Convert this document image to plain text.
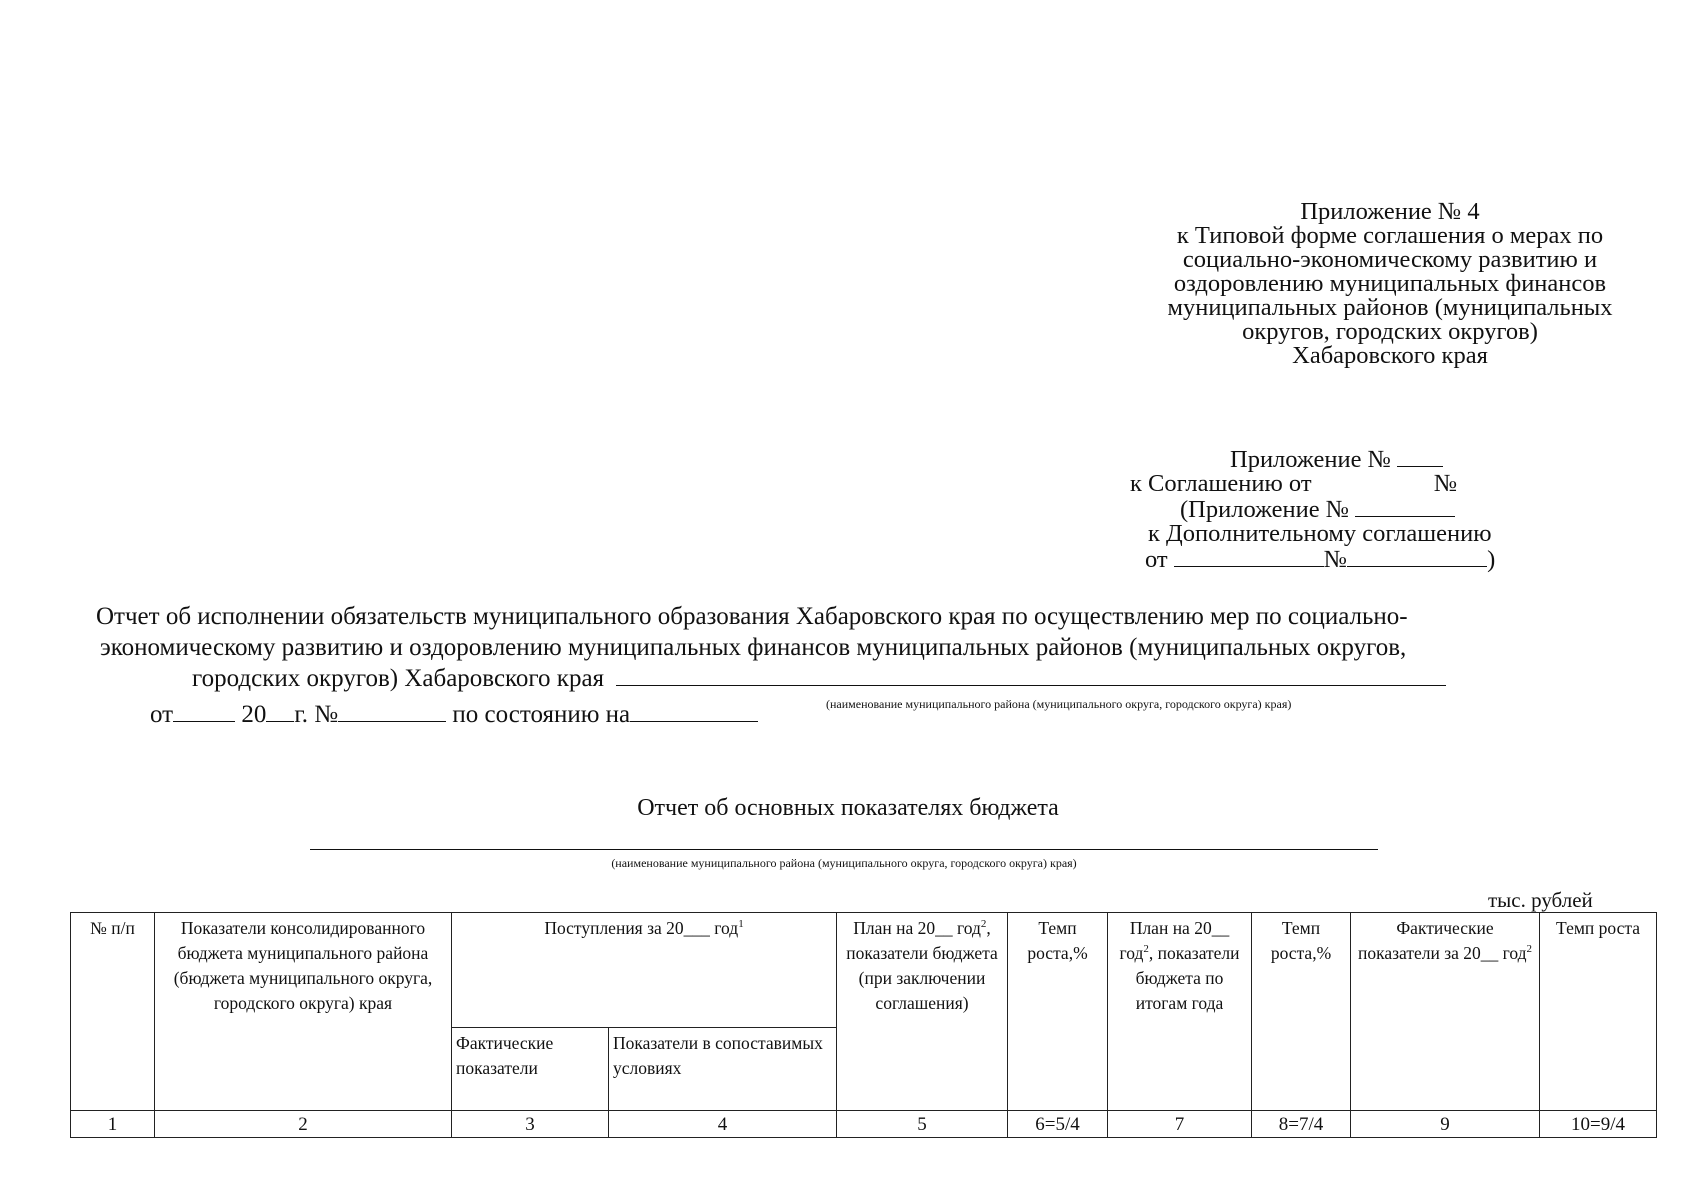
Приложение № 4
к Типовой форме соглашения о мерах по
социально-экономическому развитию и
оздоровлению муниципальных финансов
муниципальных районов (муниципальных
округов, городских округов)
Хабаровского края
Приложение №
к Соглашению от	№
(Приложение №
к Дополнительному соглашению
от	№	)
Отчет об исполнении обязательств муниципального образования Хабаровского края по осуществлению мер по социально-
экономическому развитию и оздоровлению муниципальных финансов муниципальных районов (муниципальных округов,
городских округов) Хабаровского края
от	20 г. №	по состоянию на	(наименование муниципального района (муниципального округа, городского округа) края)
Отчет об основных показателях бюджета
(наименование муниципального района (муниципального округа, городского округа) края)
тыс. рублей
№ п/п	Показатели консолидированного бюджета муниципального района (бюджета муниципального округа, городского округа) края	Поступления за 20___ год$^1$		План на 20__ год$^2$, показатели бюджета (при заключении соглашения)	Темп роста,%	План на 20__ год$^2$, показатели бюджета по итогам года	Темп роста,%	Фактические показатели за 20__ год$^2$	Темп роста
		Фактические показатели	Показатели в сопоставимых условиях						
1	2	3	4	5	6=5/4	7	8=7/4	9	10=9/4
